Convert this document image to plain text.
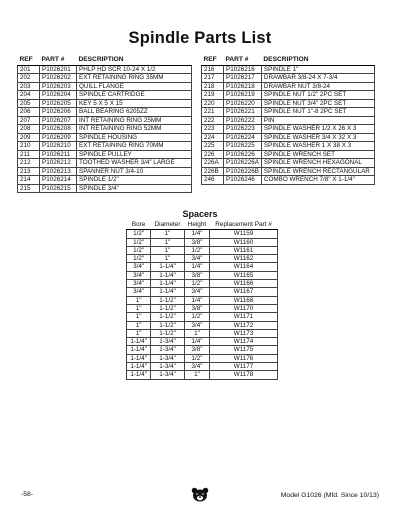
Spindle Parts List
REF	PART #	DESCRIPTION
201	P1026201	PHLP HD SCR 10-24 X 1/2
202	P1026202	EXT RETAINING RING 35MM
203	P1026203	QUILL FLANGE
204	P1026204	SPINDLE CARTRIDGE
205	P1026205	KEY 5 X 5 X 15
206	P1026206	BALL BEARING 6205ZZ
207	P1026207	INT RETAINING RING 25MM
208	P1026208	INT RETAINING RING 52MM
209	P1026209	SPINDLE HOUSING
210	P1026210	EXT RETAINING RING 70MM
211	P1026211	SPINDLE PULLEY
212	P1026212	TOOTHED WASHER 3/4" LARGE
213	P1026213	SPANNER NUT 3/4-10
214	P1026214	SPINDLE 1/2"
215	P1026215	SPINDLE 3/4"
REF	PART #	DESCRIPTION
216	P1026216	SPINDLE 1"
217	P1026217	DRAWBAR 3/8-24 X 7-3/4
218	P1026218	DRAWBAR NUT 3/8-24
219	P1026219	SPINDLE NUT 1/2" 2PC SET
220	P1026220	SPINDLE NUT 3/4" 2PC SET
221	P1026221	SPINDLE NUT 1"-8 2PC SET
222	P1026222	PIN
223	P1026223	SPINDLE WASHER 1/2 X 26 X 3
224	P1026224	SPINDLE WASHER 3/4 X 32 X 3
225	P1026225	SPINDLE WASHER 1 X 38 X 3
226	P1026226	SPINDLE WRENCH SET
226A	P1026226A	SPINDLE WRENCH HEXAGONAL
226B	P1026226B	SPINDLE WRENCH RECTANGULAR
246	P1026246	COMBO WRENCH 7/8" X 1-1/4"
Spacers
Bore	Diameter	Height	Replacement Part #
1/2"	1"	1/4"	W1159
1/2"	1"	3/8"	W1160
1/2"	1"	1/2"	W1161
1/2"	1"	3/4"	W1162
3/4"	1-1/4"	1/4"	W1164
3/4"	1-1/4"	3/8"	W1165
3/4"	1-1/4"	1/2"	W1166
3/4"	1-1/4"	3/4"	W1167
1"	1-1/2"	1/4"	W1168
1"	1-1/2"	3/8"	W1170
1"	1-1/2"	1/2"	W1171
1"	1-1/2"	3/4"	W1172
1"	1-1/2"	1"	W1173
1-1/4"	1-3/4"	1/4"	W1174
1-1/4"	1-3/4"	3/8"	W1175
1-1/4"	1-3/4"	1/2"	W1176
1-1/4"	1-3/4"	3/4"	W1177
1-1/4"	1-3/4"	1"	W1178
-58-	Model G1026 (Mfd. Since 10/13)
